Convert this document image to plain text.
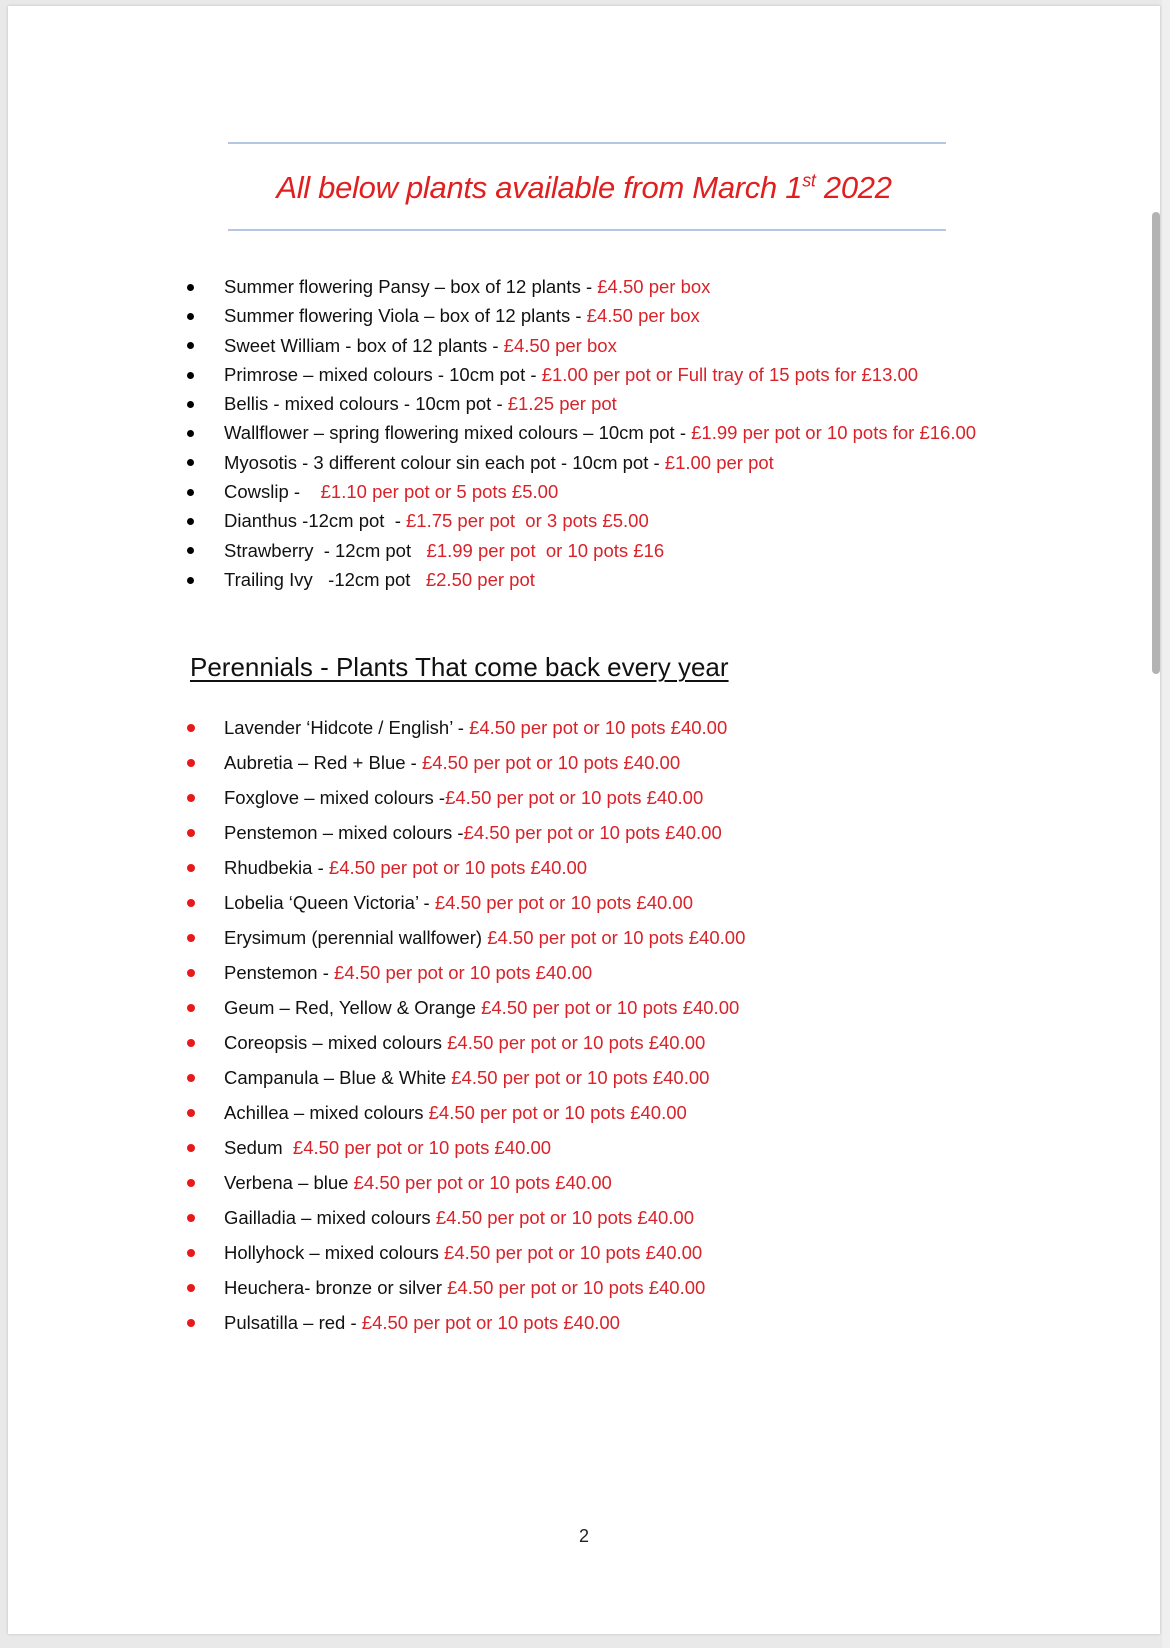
All below plants available from March 1st 2022
Summer flowering Pansy – box of 12 plants - £4.50 per box
Summer flowering Viola – box of 12 plants - £4.50 per box
Sweet William - box of 12 plants - £4.50 per box
Primrose – mixed colours - 10cm pot - £1.00 per pot or Full tray of 15 pots for £13.00
Bellis - mixed colours - 10cm pot - £1.25 per pot
Wallflower – spring flowering mixed colours – 10cm pot - £1.99 per pot or 10 pots for £16.00
Myosotis - 3 different colour sin each pot - 10cm pot - £1.00 per pot
Cowslip -    £1.10 per pot or 5 pots £5.00
Dianthus -12cm pot  - £1.75 per pot  or 3 pots £5.00
Strawberry  - 12cm pot   £1.99 per pot  or 10 pots £16
Trailing Ivy   -12cm pot   £2.50 per pot
Perennials - Plants That come back every year
Lavender ‘Hidcote / English’ - £4.50 per pot or 10 pots £40.00
Aubretia – Red + Blue - £4.50 per pot or 10 pots £40.00
Foxglove – mixed colours -£4.50 per pot or 10 pots £40.00
Penstemon – mixed colours -£4.50 per pot or 10 pots £40.00
Rhudbekia - £4.50 per pot or 10 pots £40.00
Lobelia ‘Queen Victoria’ - £4.50 per pot or 10 pots £40.00
Erysimum (perennial wallfower) £4.50 per pot or 10 pots £40.00
Penstemon - £4.50 per pot or 10 pots £40.00
Geum – Red, Yellow & Orange £4.50 per pot or 10 pots £40.00
Coreopsis – mixed colours £4.50 per pot or 10 pots £40.00
Campanula – Blue & White £4.50 per pot or 10 pots £40.00
Achillea – mixed colours £4.50 per pot or 10 pots £40.00
Sedum  £4.50 per pot or 10 pots £40.00
Verbena – blue £4.50 per pot or 10 pots £40.00
Gailladia – mixed colours £4.50 per pot or 10 pots £40.00
Hollyhock – mixed colours £4.50 per pot or 10 pots £40.00
Heuchera- bronze or silver £4.50 per pot or 10 pots £40.00
Pulsatilla – red - £4.50 per pot or 10 pots £40.00
2
